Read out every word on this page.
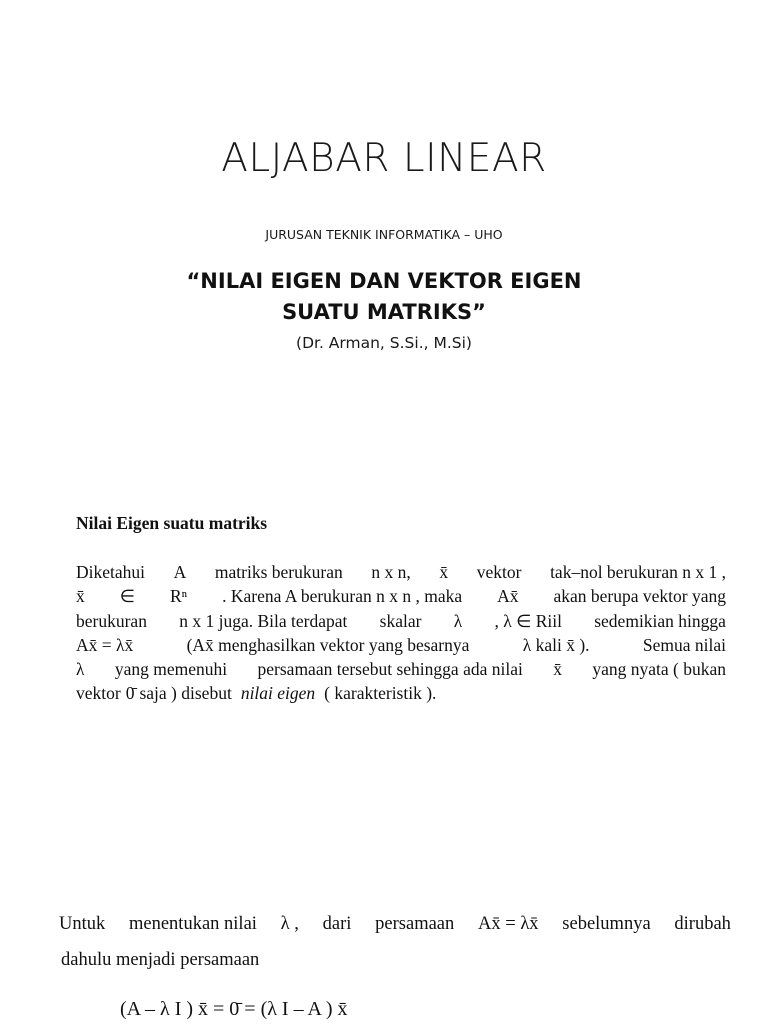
ALJABAR LINEAR
JURUSAN TEKNIK INFORMATIKA – UHO
“NILAI EIGEN DAN VEKTOR EIGEN
SUATU MATRIKS”
(Dr. Arman, S.Si., M.Si)
Nilai Eigen suatu matriks
Diketahui A matriks berukuran n x n, x̄ vektor tak–nol berukuran n x 1 ,
x̄ ∈ Rⁿ . Karena A berukuran n x n , maka Ax̄ akan berupa vektor yang
berukuran n x 1 juga. Bila terdapat skalar λ , λ ∈ Riil sedemikian hingga
Ax̄ = λx̄	(Ax̄ menghasilkan vektor yang besarnya	λ kali x̄ ).	Semua nilai
λ yang memenuhi persamaan tersebut sehingga ada nilai x̄ yang nyata ( bukan
vektor 0̄ saja ) disebut nilai eigen ( karakteristik ).
Untuk menentukan nilai λ , dari persamaan Ax̄ = λx̄ sebelumnya dirubah
dahulu menjadi persamaan
(A – λ I ) x̄ = 0̄ = (λ I – A ) x̄
